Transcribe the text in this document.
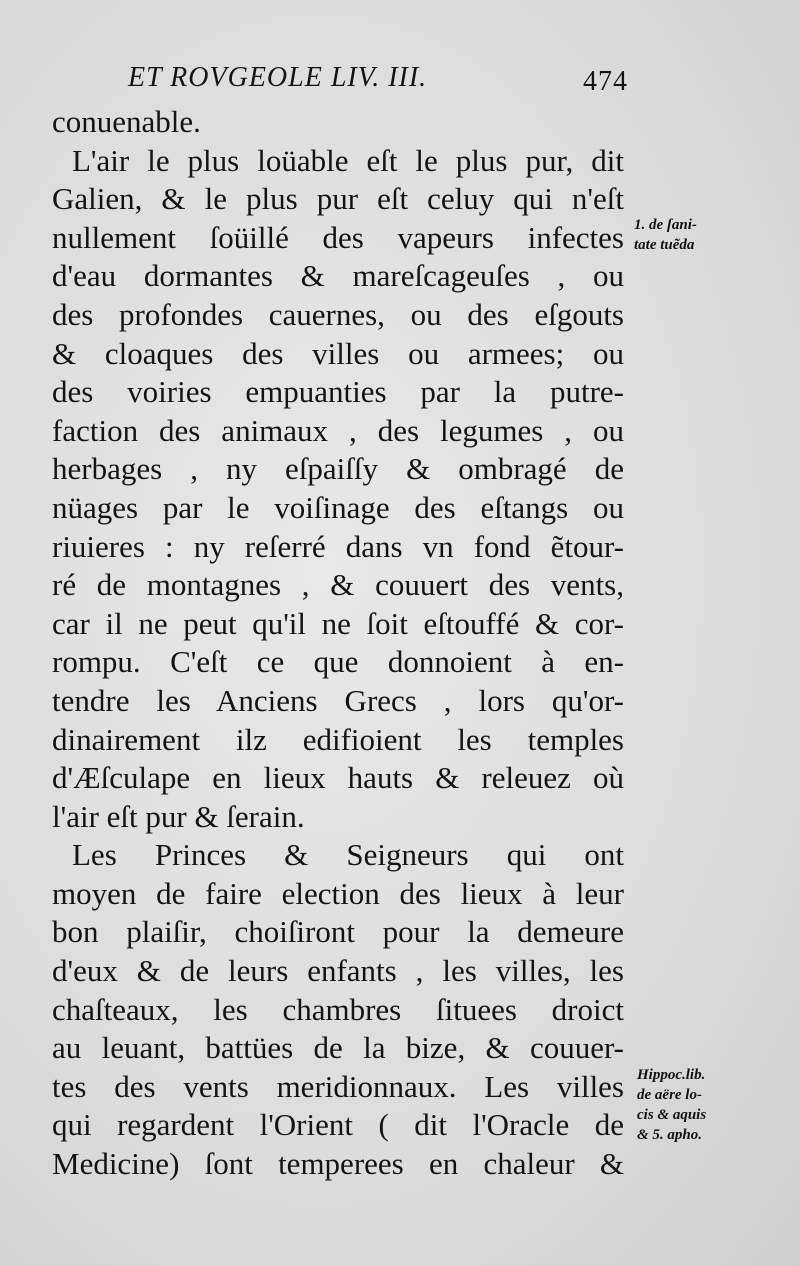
ET ROVGEOLE LIV. III.	474
conuenable.
L'air le plus loüable eſt le plus pur, dit
Galien, & le plus pur eſt celuy qui n'eſt
nullement ſoüillé des vapeurs infectes
d'eau dormantes & mareſcageuſes , ou
des profondes cauernes, ou des eſgouts
& cloaques des villes ou armees; ou
des voiries empuanties par la putre-
faction des animaux , des legumes , ou
herbages , ny eſpaiſſy & ombragé de
nüages par le voiſinage des eſtangs ou
riuieres : ny reſerré dans vn fond ẽtour-
ré de montagnes , & couuert des vents,
car il ne peut qu'il ne ſoit eſtouffé & cor-
rompu. C'eſt ce que donnoient à en-
tendre les Anciens Grecs , lors qu'or-
dinairement ilz edifioient les temples
d'Æſculape en lieux hauts & releuez où
l'air eſt pur & ſerain.
Les Princes & Seigneurs qui ont
moyen de faire election des lieux à leur
bon plaiſir, choiſiront pour la demeure
d'eux & de leurs enfants , les villes, les
chaſteaux, les chambres ſituees droict
au leuant, battües de la bize, & couuer-
tes des vents meridionnaux. Les villes
qui regardent l'Orient ( dit l'Oracle de
Medicine) ſont temperees en chaleur &
1. de ſani-
tate tuẽda
Hippoc.lib.
de aëre lo-
cis & aquis
& 5. apho.
